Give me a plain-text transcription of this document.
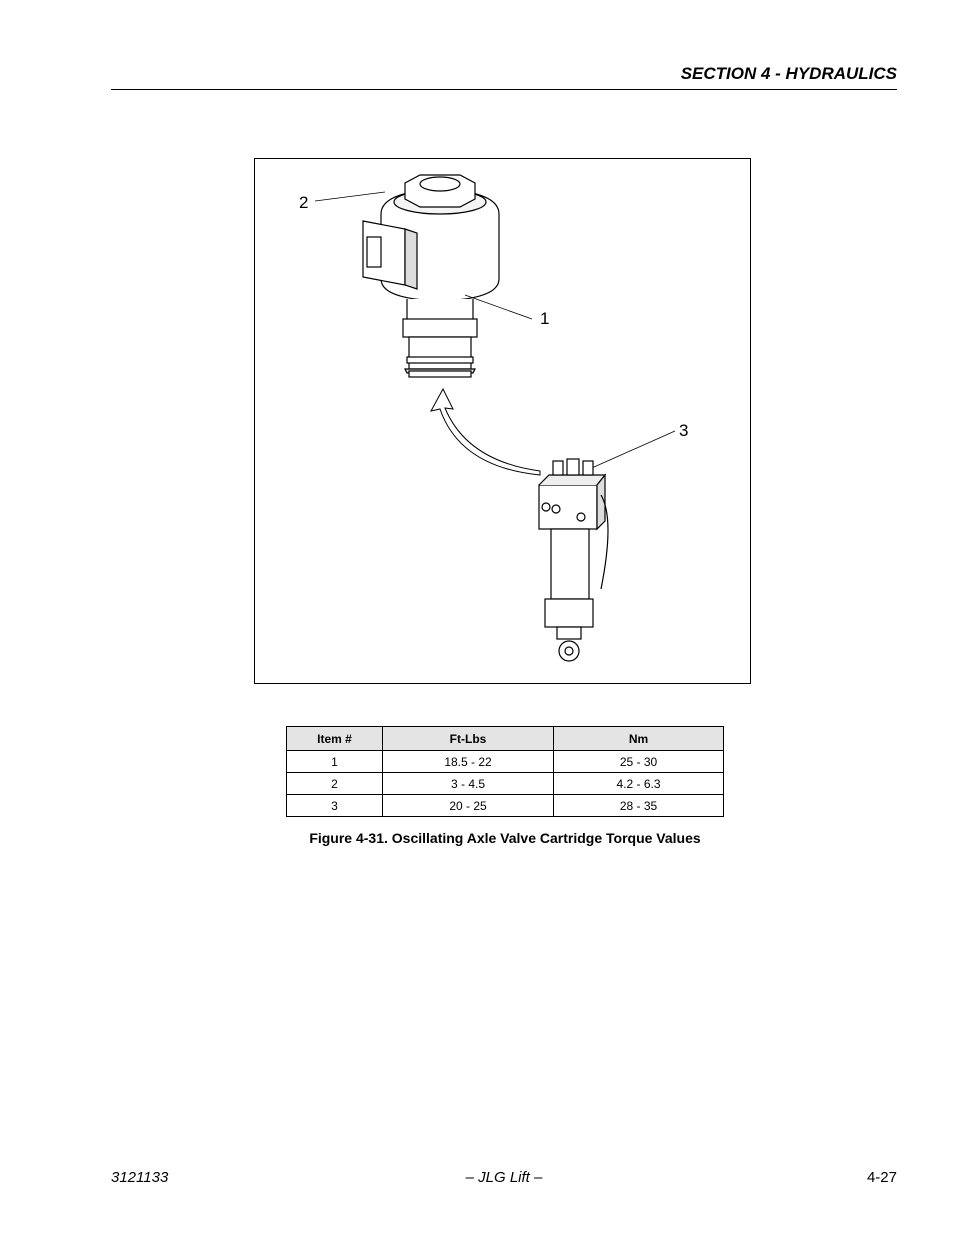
SECTION 4 - HYDRAULICS
2
1
3
Item #	Ft-Lbs	Nm
1	18.5 - 22	25 - 30
2	3 - 4.5	4.2 - 6.3
3	20 - 25	28 - 35
Figure 4-31. Oscillating Axle Valve Cartridge Torque Values
3121133	– JLG Lift –	4-27
